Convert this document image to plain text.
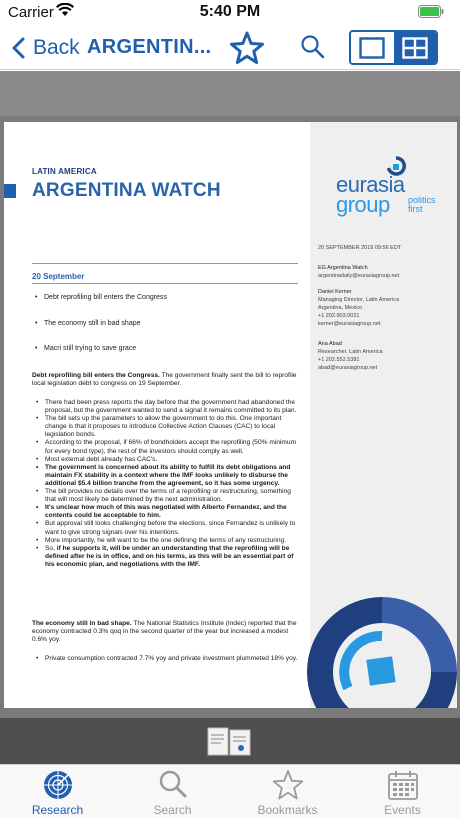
Carrier	5:40 PM
Back ARGENTIN...
LATIN AMERICA
ARGENTINA WATCH	eurasia
group politics
first
20 September
• Debt reprofiling bill enters the Congress
• The economy still in bad shape
• Macri still trying to save grace
20 SEPTEMBER 2019 09:56 EDT
EG Argentina Watch
argentinadaily@eurasiagroup.net
Daniel Kerner
Managing Director, Latin America
Argentina, Mexico
+1 202.903.0021
kerner@eurasiagroup.net
Ana Abad
Researcher, Latin America
+1 202.552.5381
abad@eurasiagroup.net
Debt reprofiling bill enters the Congress. The government finally sent the bill to reprofile local legislation debt to congress on 19 September.
• There had been press reports the day before that the government had abandoned the proposal, but the government wanted to send a signal it remains committed to its plan.
• The bill sets up the parameters to allow the government to do this. One important change is that it proposes to introduce Collective Action Clauses (CAC) to local legislation bonds.
• According to the proposal, if 66% of bondholders accept the reprofiling (50% minimum for every bond type), the rest of the investors should comply as well.
• Most external debt already has CAC's.
• The government is concerned about its ability to fulfill its debt obligations and maintain FX stability in a context where the IMF looks unlikely to disburse the additional $5.4 billion tranche from the agreement, so it has some urgency.
• The bill provides no details over the terms of a reprofiling or restructuring, something that will most likely be determined by the next administration.
• It's unclear how much of this was negotiated with Alberto Fernandez, and the contents could be acceptable to him.
• But approval still looks challenging before the elections, since Fernandez is unlikely to want to give strong signals over his intentions.
• More importantly, he will want to be the one defining the terms of any restructuring.
• So, if he supports it, will be under an understanding that the reprofiling will be defined after he is in office, and on his terms, as this will be an essential part of his economic plan, and negotiations with the IMF.
The economy still in bad shape. The National Statistics Institute (Indec) reported that the economy contracted 0.3% qoq in the second quarter of the year but increased a modest 0.6% yoy.
• Private consumption contracted 7.7% yoy and private investment plummeted 18% yoy.
Research	Search	Bookmarks	Events
